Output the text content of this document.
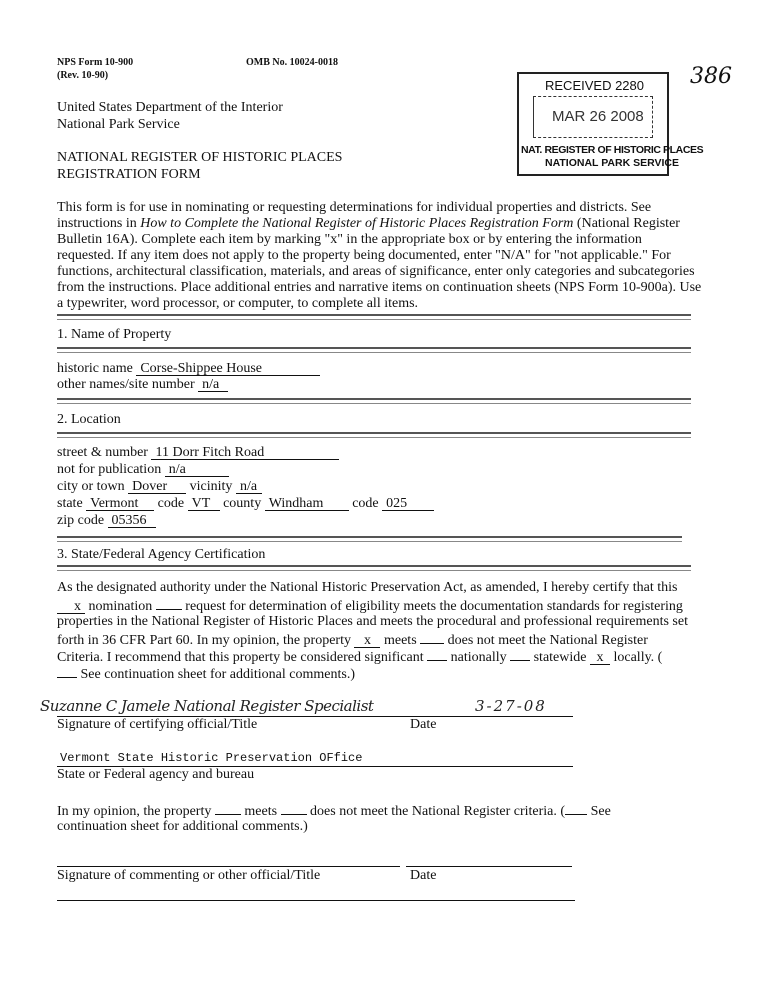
NPS Form 10-900
(Rev. 10-90)
OMB No. 10024-0018
United States Department of the Interior
National Park Service
NATIONAL REGISTER OF HISTORIC PLACES
REGISTRATION FORM
RECEIVED 2280
MAR 26 2008
NAT. REGISTER OF HISTORIC PLACES
NATIONAL PARK SERVICE
386
This form is for use in nominating or requesting determinations for individual properties and districts. See instructions in How to Complete the National Register of Historic Places Registration Form (National Register Bulletin 16A). Complete each item by marking "x" in the appropriate box or by entering the information requested. If any item does not apply to the property being documented, enter "N/A" for "not applicable." For functions, architectural classification, materials, and areas of significance, enter only categories and subcategories from the instructions. Place additional entries and narrative items on continuation sheets (NPS Form 10-900a). Use a typewriter, word processor, or computer, to complete all items.
1. Name of Property
historic name Corse-Shippee House
other names/site number n/a
2. Location
street & number 11 Dorr Fitch Road
not for publication n/a
city or town Dover vicinity n/a
state Vermont code VT county Windham code 025
zip code 05356
3. State/Federal Agency Certification
As the designated authority under the National Historic Preservation Act, as amended, I hereby certify that this
x nomination request for determination of eligibility meets the documentation standards for registering
properties in the National Register of Historic Places and meets the procedural and professional requirements set
forth in 36 CFR Part 60. In my opinion, the property x meets does not meet the National Register
Criteria. I recommend that this property be considered significant nationally statewide x locally. (
See continuation sheet for additional comments.)
Suzanne C Jamele National Register Specialist	3-27-08
Signature of certifying official/Title	Date
Vermont State Historic Preservation OFfice
State or Federal agency and bureau
In my opinion, the property meets does not meet the National Register criteria. ( See
continuation sheet for additional comments.)
Signature of commenting or other official/Title	Date
